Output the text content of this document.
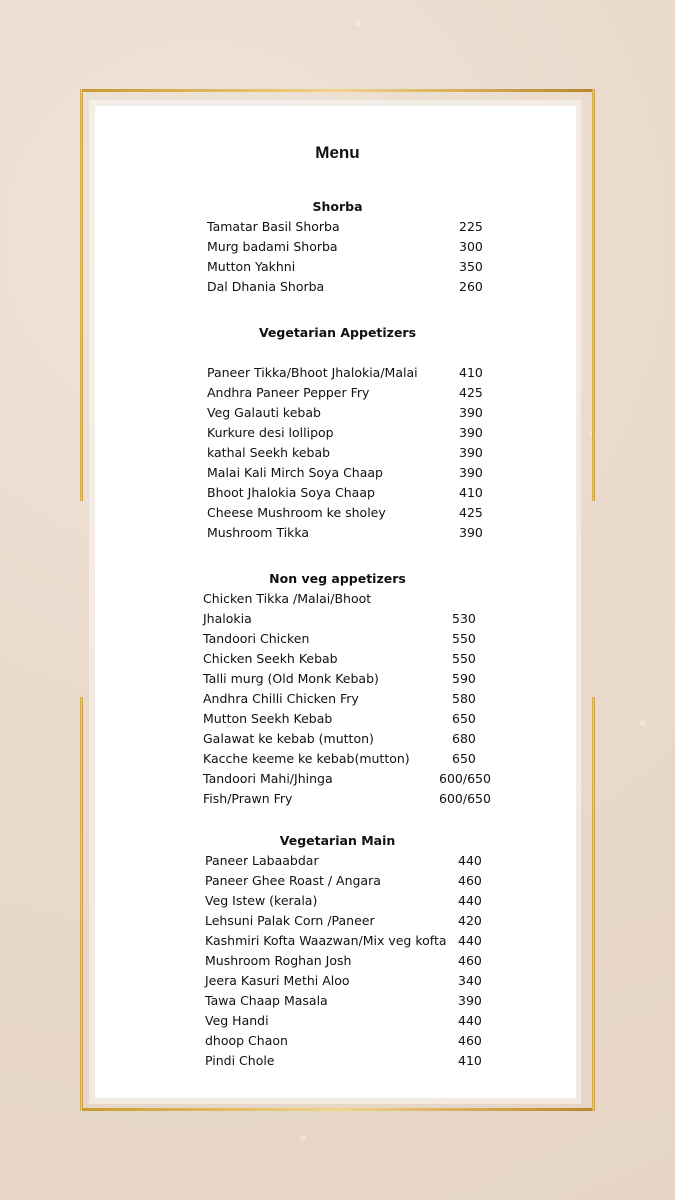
Menu
Shorba
Tamatar Basil Shorba	225
Murg badami Shorba	300
Mutton Yakhni	350
Dal Dhania Shorba	260
Vegetarian Appetizers
Paneer Tikka/Bhoot Jhalokia/Malai	410
Andhra Paneer Pepper Fry	425
Veg Galauti kebab	390
Kurkure desi lollipop	390
kathal Seekh kebab	390
Malai Kali Mirch Soya Chaap	390
Bhoot Jhalokia Soya Chaap	410
Cheese Mushroom ke sholey	425
Mushroom Tikka	390
Non veg appetizers
Chicken Tikka /Malai/Bhoot
Jhalokia	530
Tandoori Chicken	550
Chicken Seekh Kebab	550
Talli murg (Old Monk Kebab)	590
Andhra Chilli Chicken Fry	580
Mutton Seekh Kebab	650
Galawat ke kebab (mutton)	680
Kacche keeme ke kebab(mutton)	650
Tandoori Mahi/Jhinga	600/650
Fish/Prawn Fry	600/650
Vegetarian Main
Paneer Labaabdar	440
Paneer Ghee Roast / Angara	460
Veg Istew (kerala)	440
Lehsuni Palak Corn /Paneer	420
Kashmiri Kofta Waazwan/Mix veg kofta 440
Mushroom Roghan Josh	460
Jeera Kasuri Methi Aloo	340
Tawa Chaap Masala	390
Veg Handi	440
dhoop Chaon	460
Pindi Chole	410
